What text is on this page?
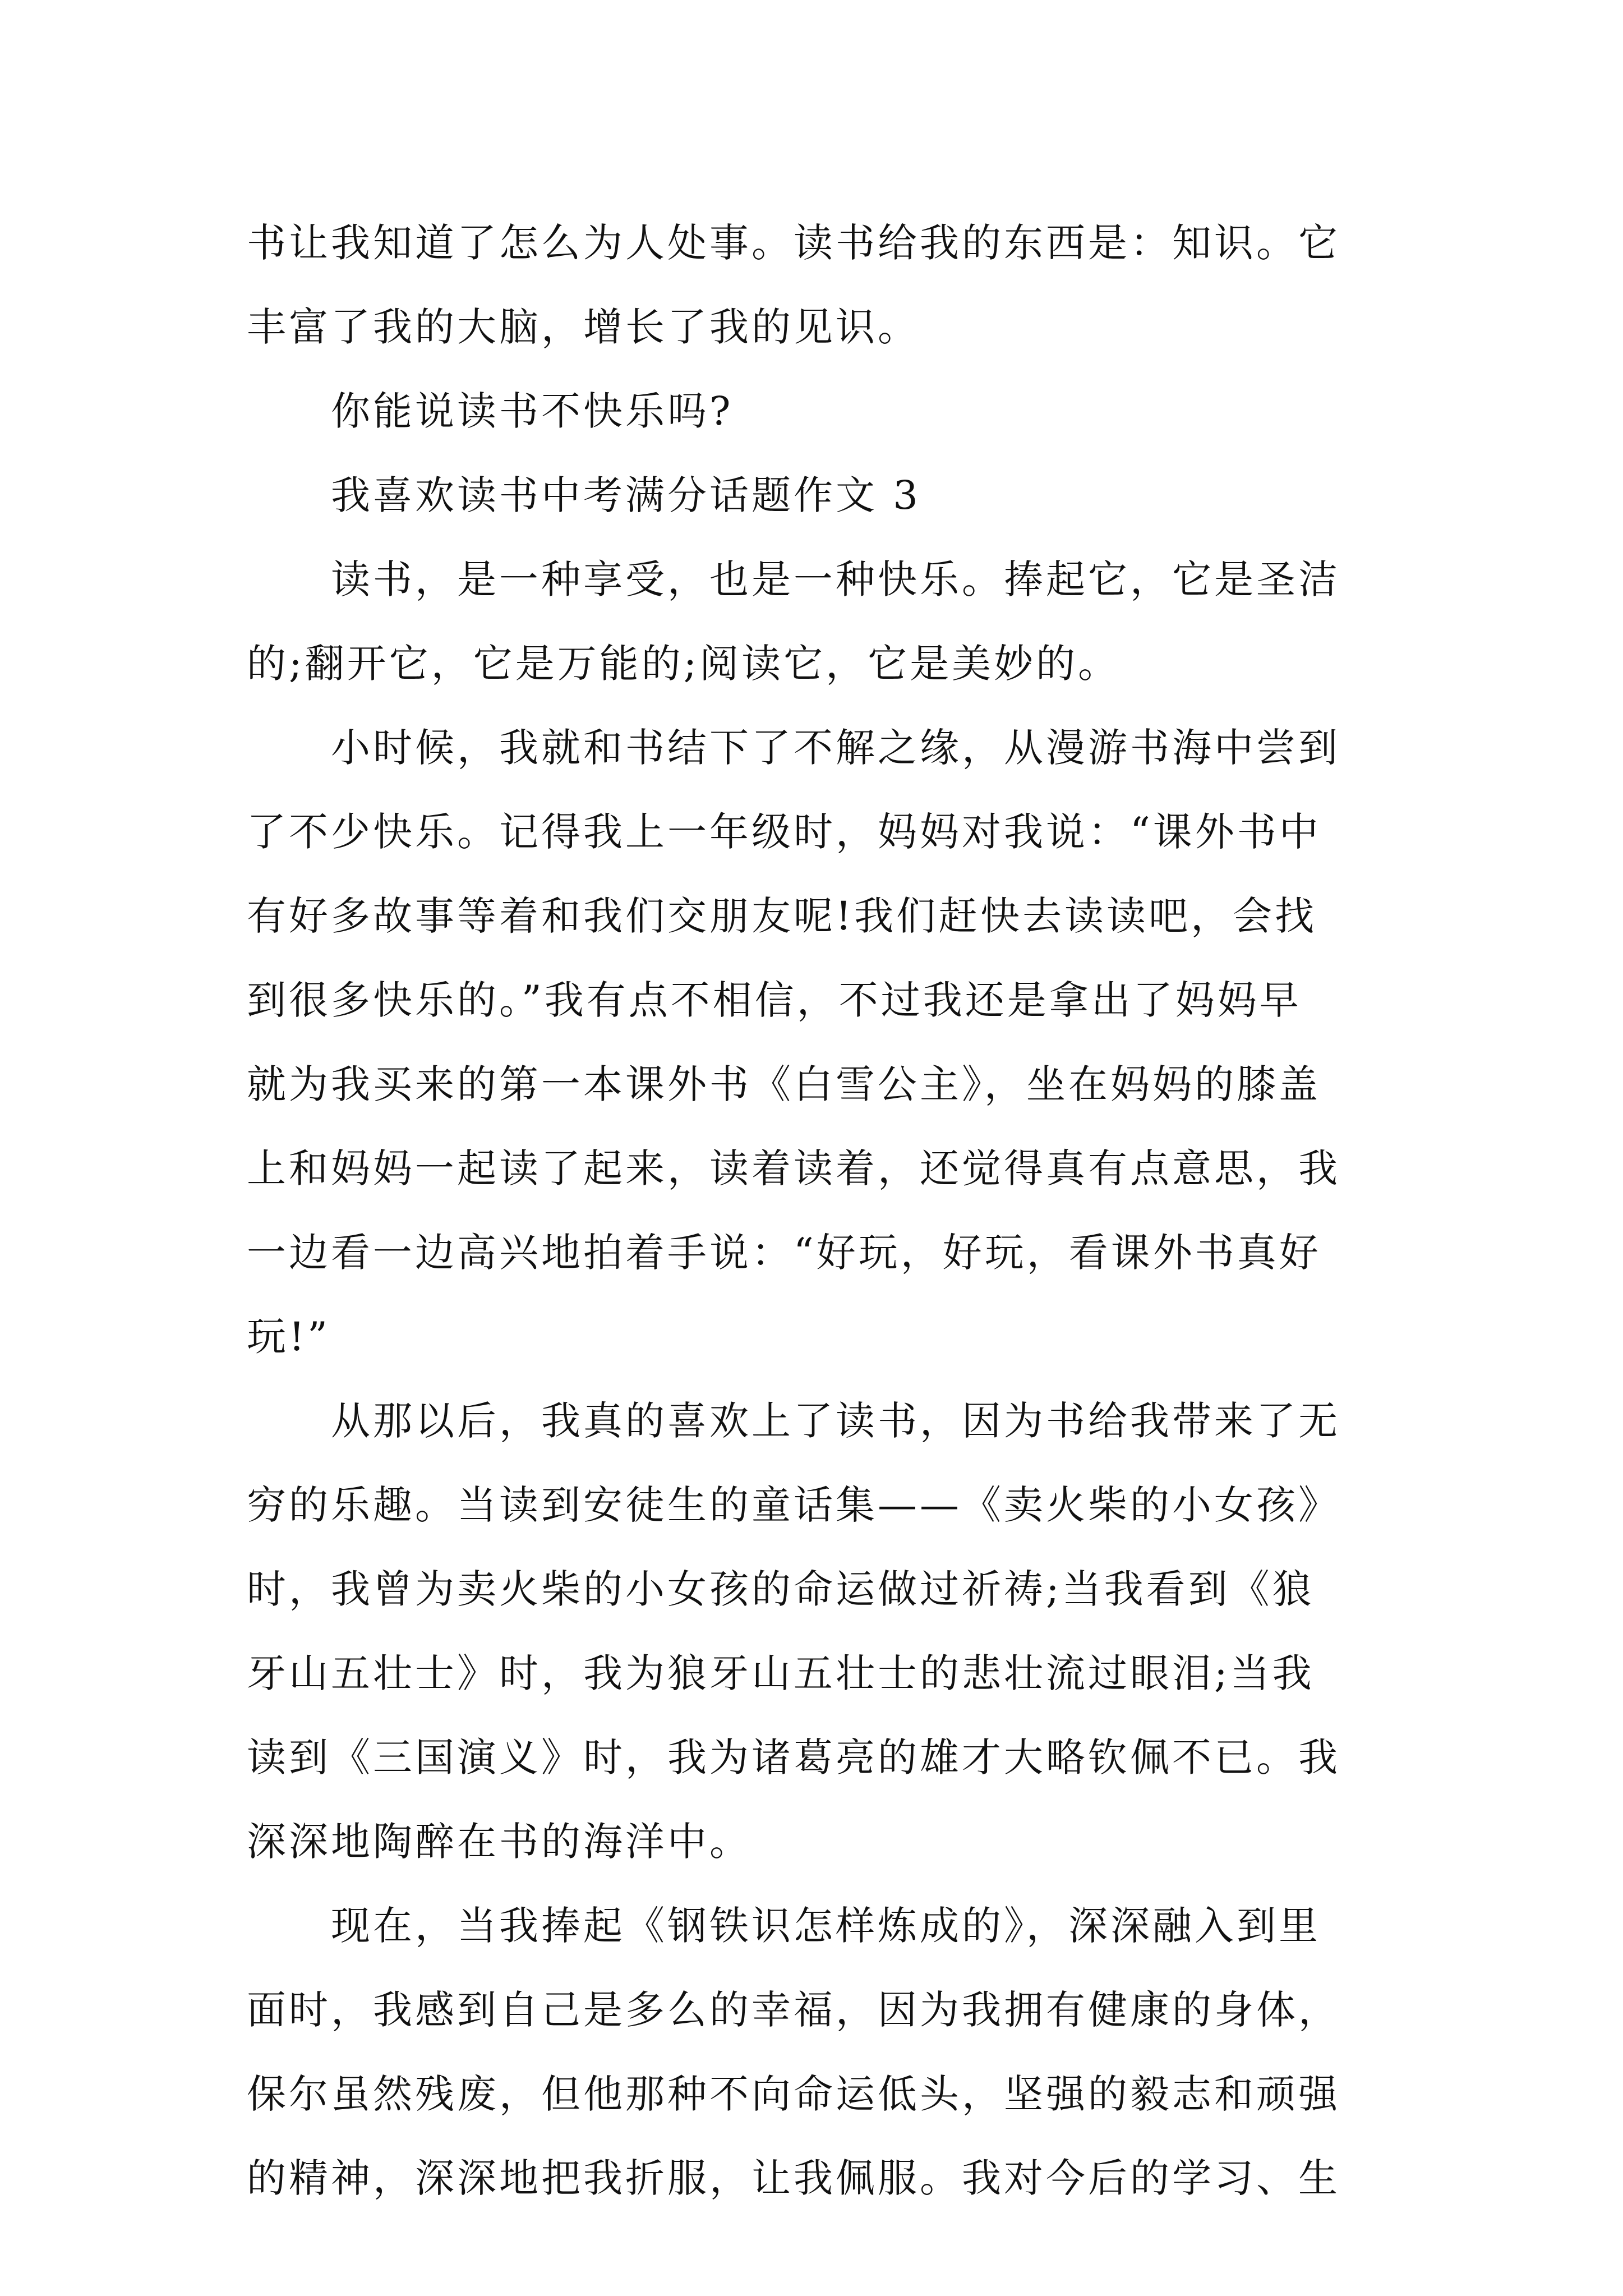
书让我知道了怎么为人处事。读书给我的东西是：知识。它
丰富了我的大脑，增长了我的见识。
你能说读书不快乐吗?
我喜欢读书中考满分话题作文 3
读书，是一种享受，也是一种快乐。捧起它，它是圣洁
的;翻开它，它是万能的;阅读它，它是美妙的。
小时候，我就和书结下了不解之缘，从漫游书海中尝到
了不少快乐。记得我上一年级时，妈妈对我说：“课外书中
有好多故事等着和我们交朋友呢!我们赶快去读读吧，会找
到很多快乐的。”我有点不相信，不过我还是拿出了妈妈早
就为我买来的第一本课外书《白雪公主》，坐在妈妈的膝盖
上和妈妈一起读了起来，读着读着，还觉得真有点意思，我
一边看一边高兴地拍着手说：“好玩，好玩，看课外书真好
玩!”
从那以后，我真的喜欢上了读书，因为书给我带来了无
穷的乐趣。当读到安徒生的童话集——《卖火柴的小女孩》
时，我曾为卖火柴的小女孩的命运做过祈祷;当我看到《狼
牙山五壮士》时，我为狼牙山五壮士的悲壮流过眼泪;当我
读到《三国演义》时，我为诸葛亮的雄才大略钦佩不已。我
深深地陶醉在书的海洋中。
现在，当我捧起《钢铁识怎样炼成的》，深深融入到里
面时，我感到自己是多么的幸福，因为我拥有健康的身体，
保尔虽然残废，但他那种不向命运低头，坚强的毅志和顽强
的精神，深深地把我折服，让我佩服。我对今后的学习、生
